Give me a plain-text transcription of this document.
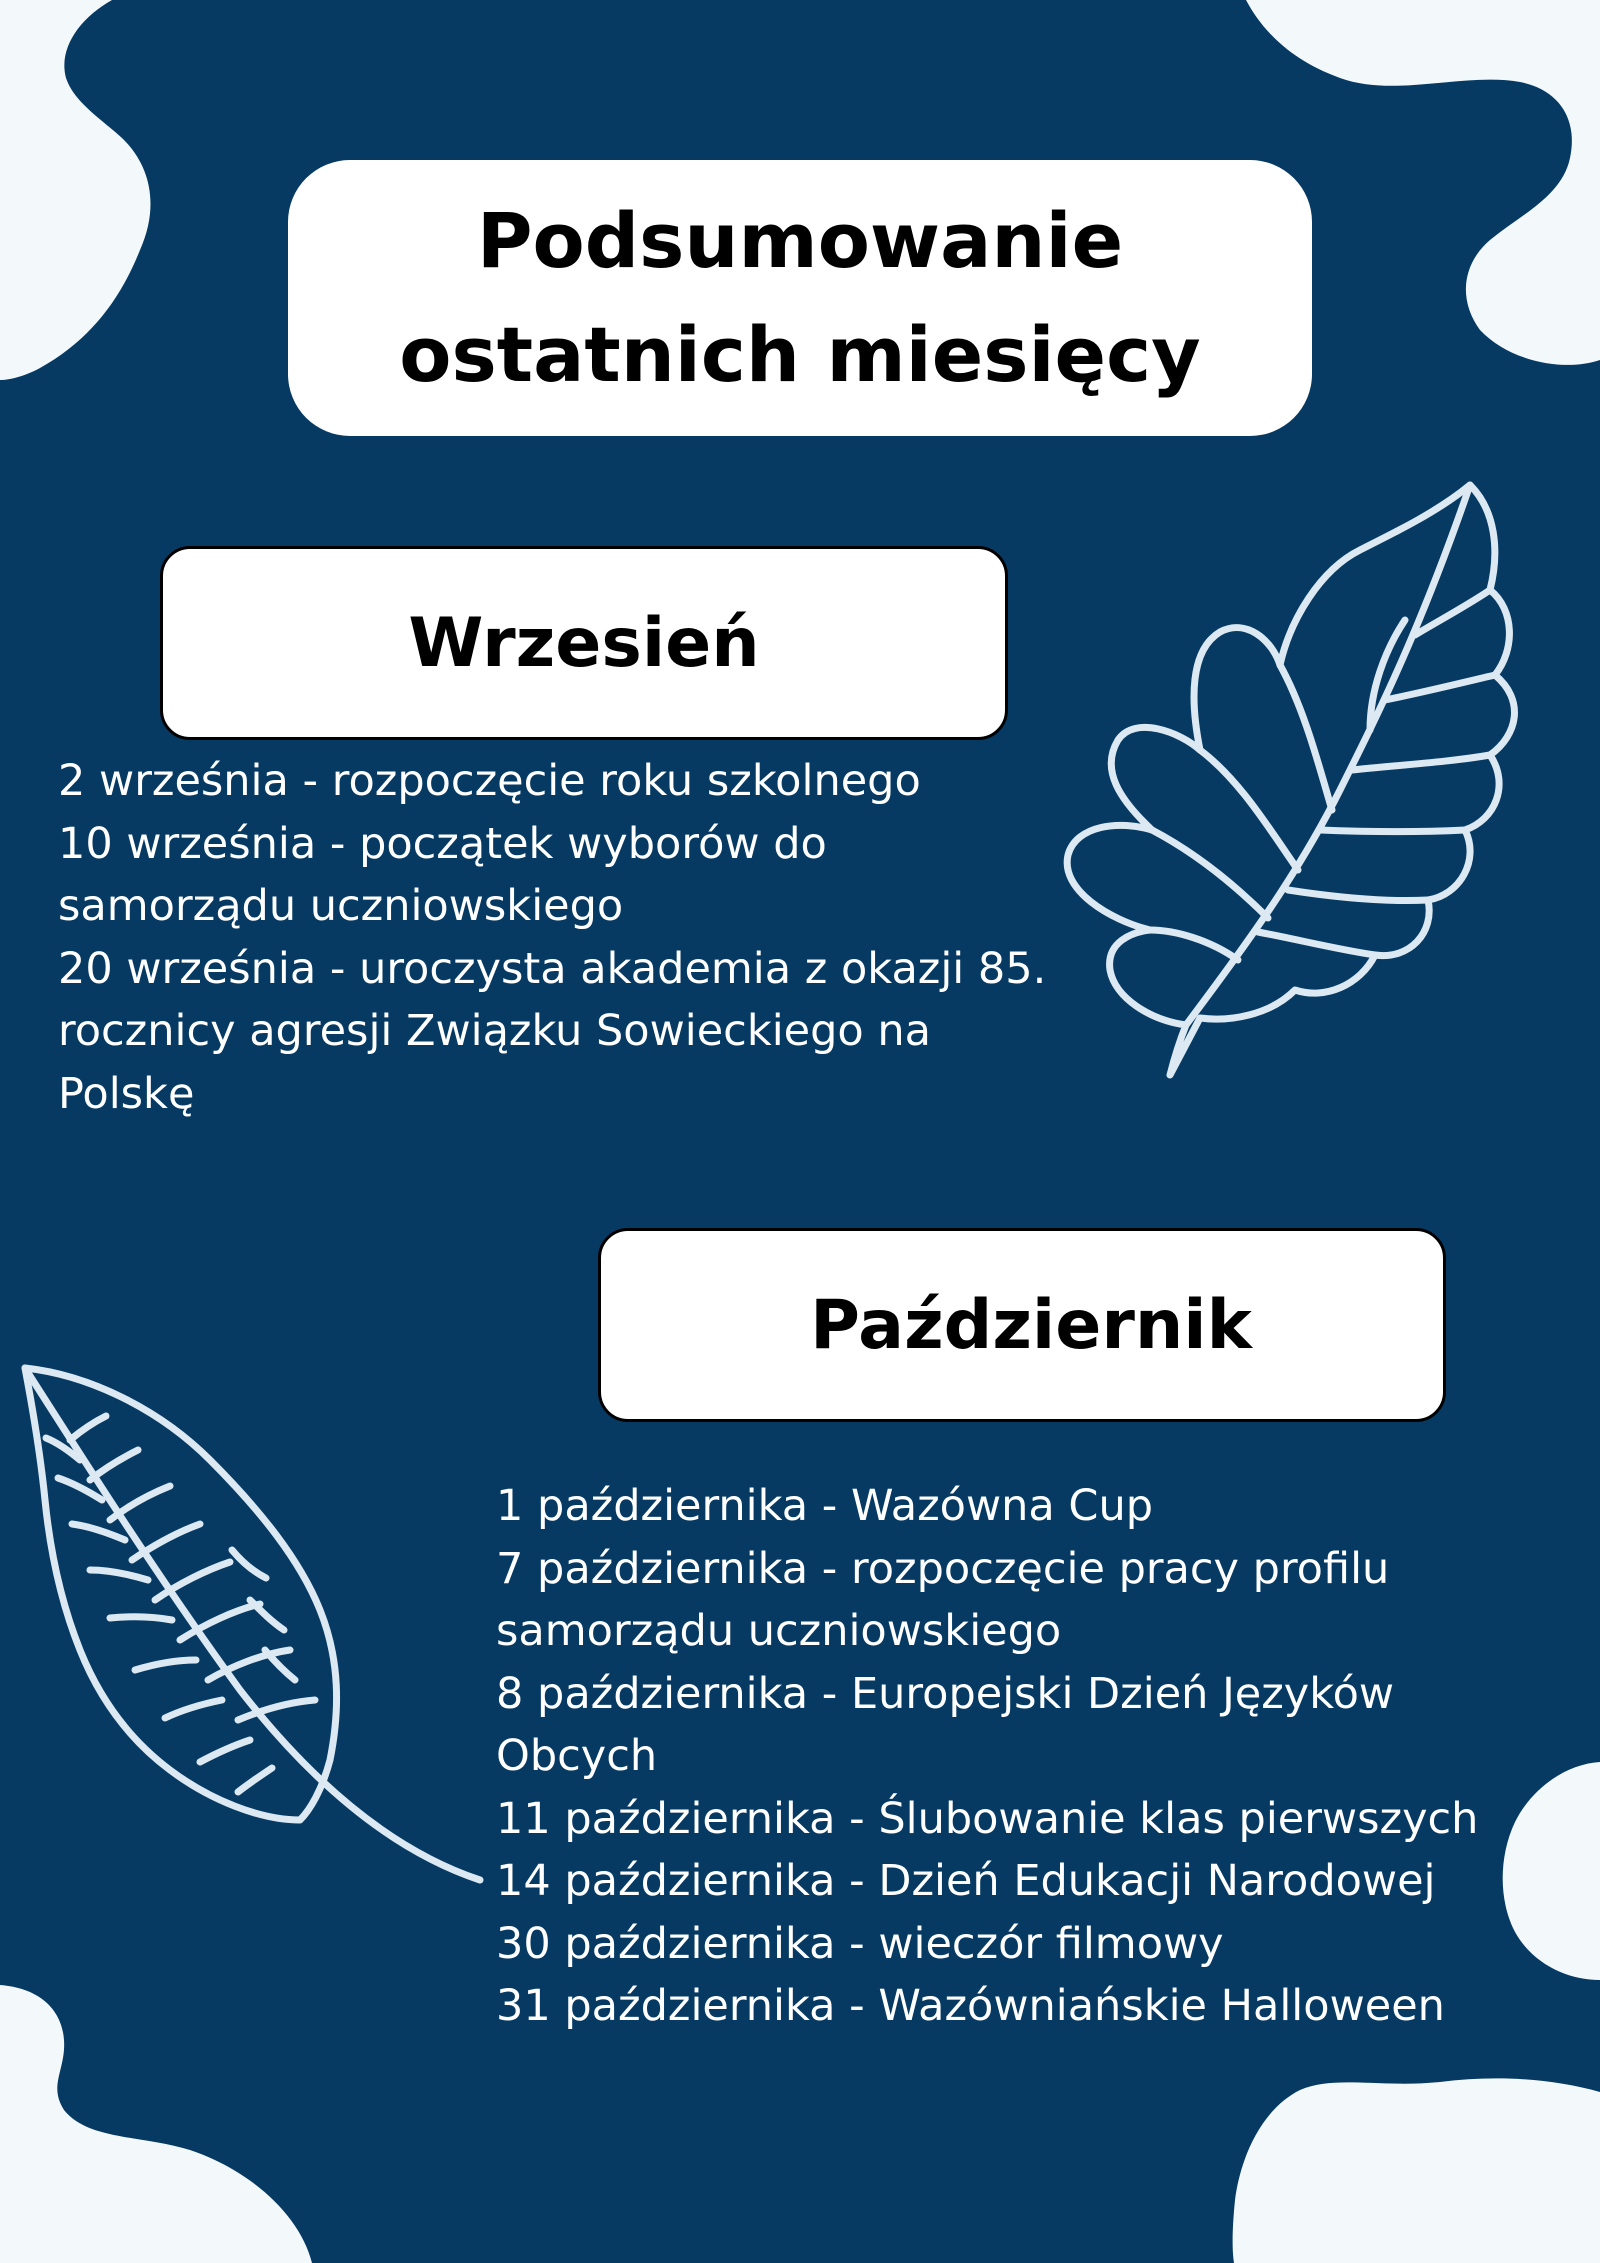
Podsumowanie
ostatnich miesięcy
Wrzesień
2 września - rozpoczęcie roku szkolnego
10 września - początek wyborów do samorządu uczniowskiego
20 września - uroczysta akademia z okazji 85. rocznicy agresji Związku Sowieckiego na Polskę
Październik
1 października - Wazówna Cup
7 października - rozpoczęcie pracy profilu samorządu uczniowskiego
8 października - Europejski Dzień Języków Obcych
11 października - Ślubowanie klas pierwszych
14 października - Dzień Edukacji Narodowej
30 października - wieczór filmowy
31 października - Wazówniańskie Halloween
